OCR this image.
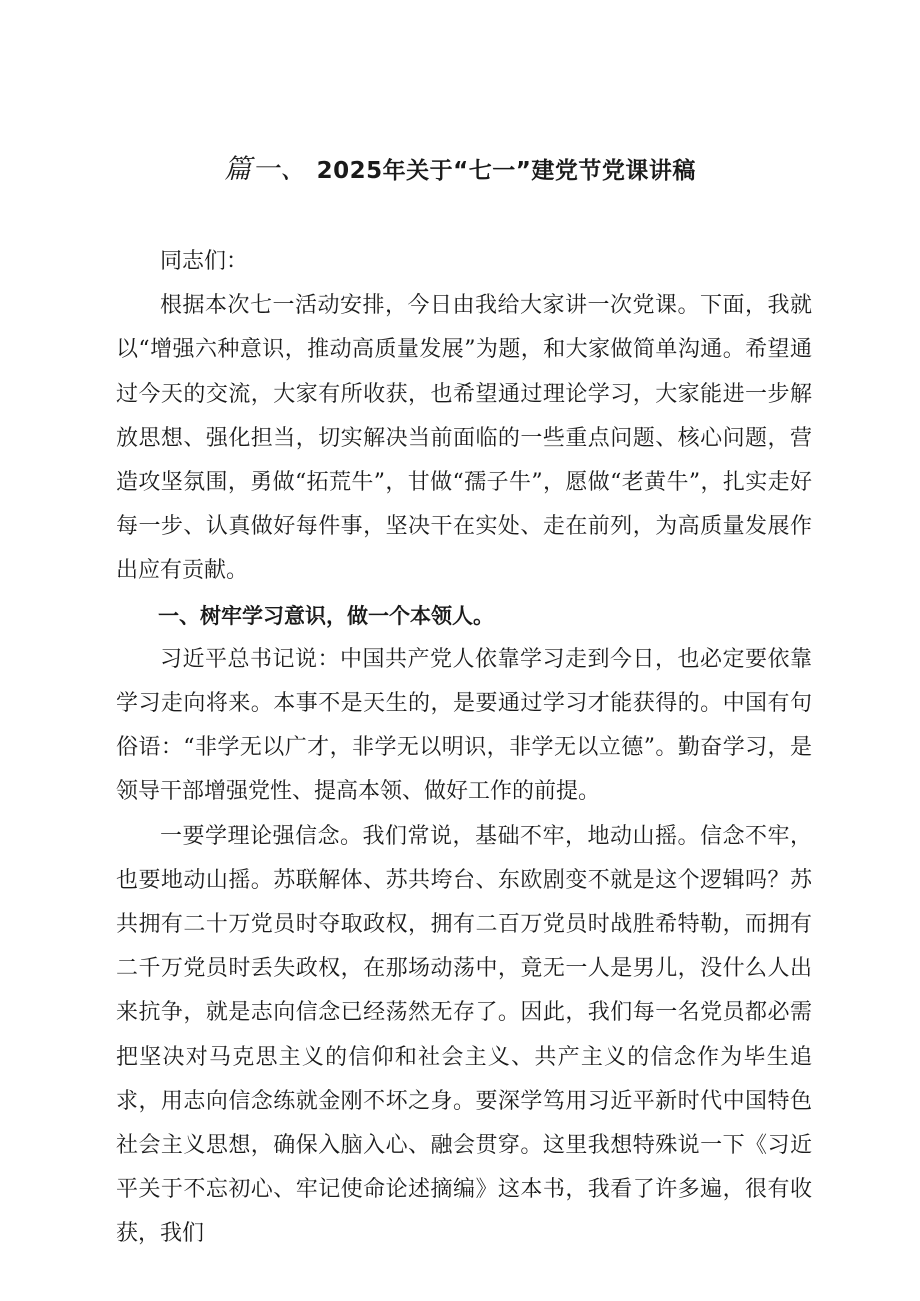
篇一、 2025年关于“七一”建党节党课讲稿

同志们：

根据本次七一活动安排，今日由我给大家讲一次党课。下面，我就以“增强六种意识，推动高质量发展”为题，和大家做简单沟通。希望通过今天的交流，大家有所收获，也希望通过理论学习，大家能进一步解放思想、强化担当，切实解决当前面临的一些重点问题、核心问题，营造攻坚氛围，勇做“拓荒牛”，甘做“孺子牛”，愿做“老黄牛”，扎实走好每一步、认真做好每件事，坚决干在实处、走在前列，为高质量发展作出应有贡献。

一、树牢学习意识，做一个本领人。

习近平总书记说：中国共产党人依靠学习走到今日，也必定要依靠学习走向将来。本事不是天生的，是要通过学习才能获得的。中国有句俗语：“非学无以广才，非学无以明识，非学无以立德”。勤奋学习，是领导干部增强党性、提高本领、做好工作的前提。

一要学理论强信念。我们常说，基础不牢，地动山摇。信念不牢，也要地动山摇。苏联解体、苏共垮台、东欧剧变不就是这个逻辑吗？苏共拥有二十万党员时夺取政权，拥有二百万党员时战胜希特勒，而拥有二千万党员时丢失政权，在那场动荡中，竟无一人是男儿，没什么人出来抗争，就是志向信念已经荡然无存了。因此，我们每一名党员都必需把坚决对马克思主义的信仰和社会主义、共产主义的信念作为毕生追求，用志向信念练就金刚不坏之身。要深学笃用习近平新时代中国特色社会主义思想，确保入脑入心、融会贯穿。这里我想特殊说一下《习近平关于不忘初心、牢记使命论述摘编》这本书，我看了许多遍，很有收获，我们
